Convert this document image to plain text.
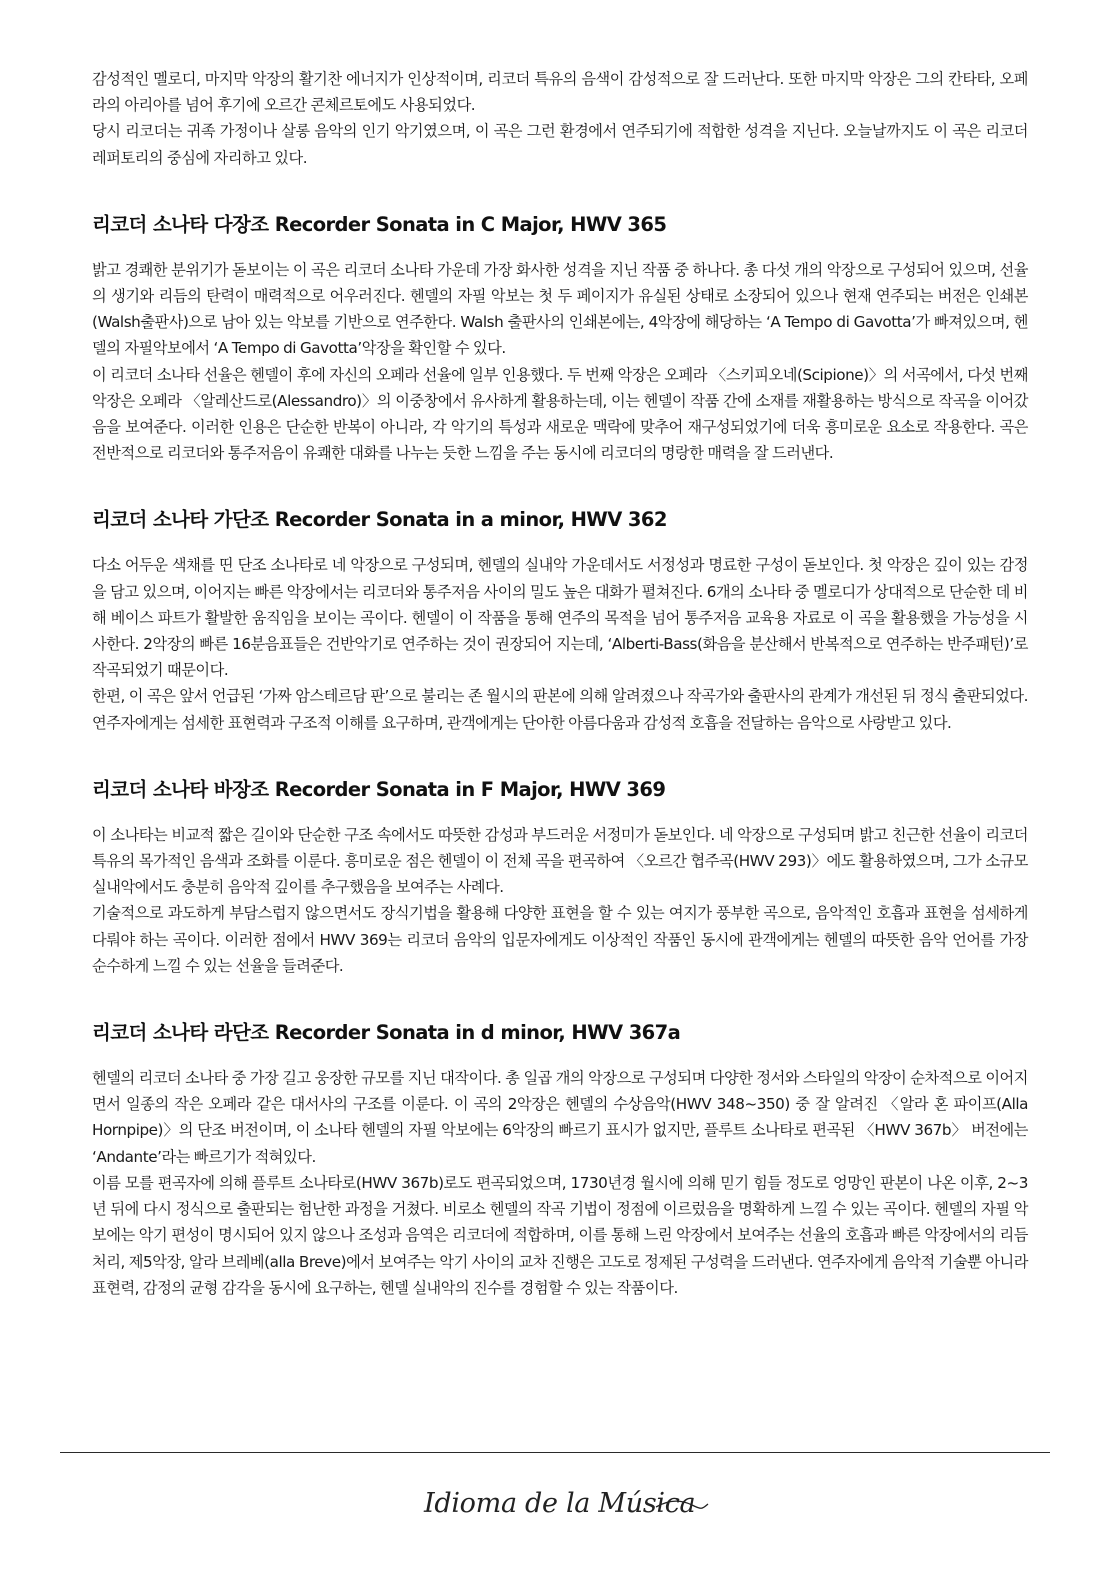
감성적인 멜로디, 마지막 악장의 활기찬 에너지가 인상적이며, 리코더 특유의 음색이 감성적으로 잘 드러난다. 또한 마지막 악장은 그의 칸타타, 오페라의 아리아를 넘어 후기에 오르간 콘체르토에도 사용되었다.

당시 리코더는 귀족 가정이나 살롱 음악의 인기 악기였으며, 이 곡은 그런 환경에서 연주되기에 적합한 성격을 지닌다. 오늘날까지도 이 곡은 리코더 레퍼토리의 중심에 자리하고 있다.

리코더 소나타 다장조 Recorder Sonata in C Major, HWV 365

밝고 경쾌한 분위기가 돋보이는 이 곡은 리코더 소나타 가운데 가장 화사한 성격을 지닌 작품 중 하나다. 총 다섯 개의 악장으로 구성되어 있으며, 선율의 생기와 리듬의 탄력이 매력적으로 어우러진다. 헨델의 자필 악보는 첫 두 페이지가 유실된 상태로 소장되어 있으나 현재 연주되는 버전은 인쇄본(Walsh출판사)으로 남아 있는 악보를 기반으로 연주한다. Walsh 출판사의 인쇄본에는, 4악장에 해당하는 ‘A Tempo di Gavotta’가 빠져있으며, 헨델의 자필악보에서 ‘A Tempo di Gavotta’악장을 확인할 수 있다.

이 리코더 소나타 선율은 헨델이 후에 자신의 오페라 선율에 일부 인용했다. 두 번째 악장은 오페라 〈스키피오네(Scipione)〉의 서곡에서, 다섯 번째 악장은 오페라 〈알레산드로(Alessandro)〉의 이중창에서 유사하게 활용하는데, 이는 헨델이 작품 간에 소재를 재활용하는 방식으로 작곡을 이어갔음을 보여준다. 이러한 인용은 단순한 반복이 아니라, 각 악기의 특성과 새로운 맥락에 맞추어 재구성되었기에 더욱 흥미로운 요소로 작용한다. 곡은 전반적으로 리코더와 통주저음이 유쾌한 대화를 나누는 듯한 느낌을 주는 동시에 리코더의 명랑한 매력을 잘 드러낸다.

리코더 소나타 가단조 Recorder Sonata in a minor, HWV 362

다소 어두운 색채를 띤 단조 소나타로 네 악장으로 구성되며, 헨델의 실내악 가운데서도 서정성과 명료한 구성이 돋보인다. 첫 악장은 깊이 있는 감정을 담고 있으며, 이어지는 빠른 악장에서는 리코더와 통주저음 사이의 밀도 높은 대화가 펼쳐진다. 6개의 소나타 중 멜로디가 상대적으로 단순한 데 비해 베이스 파트가 활발한 움직임을 보이는 곡이다. 헨델이 이 작품을 통해 연주의 목적을 넘어 통주저음 교육용 자료로 이 곡을 활용했을 가능성을 시사한다. 2악장의 빠른 16분음표들은 건반악기로 연주하는 것이 권장되어 지는데, ‘Alberti-Bass(화음을 분산해서 반복적으로 연주하는 반주패턴)’로 작곡되었기 때문이다.

한편, 이 곡은 앞서 언급된 ‘가짜 암스테르담 판’으로 불리는 존 월시의 판본에 의해 알려졌으나 작곡가와 출판사의 관계가 개선된 뒤 정식 출판되었다. 연주자에게는 섬세한 표현력과 구조적 이해를 요구하며, 관객에게는 단아한 아름다움과 감성적 호흡을 전달하는 음악으로 사랑받고 있다.

리코더 소나타 바장조 Recorder Sonata in F Major, HWV 369

이 소나타는 비교적 짧은 길이와 단순한 구조 속에서도 따뜻한 감성과 부드러운 서정미가 돋보인다. 네 악장으로 구성되며 밝고 친근한 선율이 리코더 특유의 목가적인 음색과 조화를 이룬다. 흥미로운 점은 헨델이 이 전체 곡을 편곡하여 〈오르간 협주곡(HWV 293)〉에도 활용하였으며, 그가 소규모 실내악에서도 충분히 음악적 깊이를 추구했음을 보여주는 사례다.

기술적으로 과도하게 부담스럽지 않으면서도 장식기법을 활용해 다양한 표현을 할 수 있는 여지가 풍부한 곡으로, 음악적인 호흡과 표현을 섬세하게 다뤄야 하는 곡이다. 이러한 점에서 HWV 369는 리코더 음악의 입문자에게도 이상적인 작품인 동시에 관객에게는 헨델의 따뜻한 음악 언어를 가장 순수하게 느낄 수 있는 선율을 들려준다.

리코더 소나타 라단조 Recorder Sonata in d minor, HWV 367a

헨델의 리코더 소나타 중 가장 길고 웅장한 규모를 지닌 대작이다. 총 일곱 개의 악장으로 구성되며 다양한 정서와 스타일의 악장이 순차적으로 이어지면서 일종의 작은 오페라 같은 대서사의 구조를 이룬다. 이 곡의 2악장은 헨델의 수상음악(HWV 348~350) 중 잘 알려진 〈알라 혼 파이프(Alla Hornpipe)〉의 단조 버전이며, 이 소나타 헨델의 자필 악보에는 6악장의 빠르기 표시가 없지만, 플루트 소나타로 편곡된 〈HWV 367b〉 버전에는 ‘Andante’라는 빠르기가 적혀있다.

이름 모를 편곡자에 의해 플루트 소나타로(HWV 367b)로도 편곡되었으며, 1730년경 월시에 의해 믿기 힘들 정도로 엉망인 판본이 나온 이후, 2~3년 뒤에 다시 정식으로 출판되는 험난한 과정을 거쳤다. 비로소 헨델의 작곡 기법이 정점에 이르렀음을 명확하게 느낄 수 있는 곡이다. 헨델의 자필 악보에는 악기 편성이 명시되어 있지 않으나 조성과 음역은 리코더에 적합하며, 이를 통해 느린 악장에서 보여주는 선율의 호흡과 빠른 악장에서의 리듬 처리, 제5악장, 알라 브레베(alla Breve)에서 보여주는 악기 사이의 교차 진행은 고도로 정제된 구성력을 드러낸다. 연주자에게 음악적 기술뿐 아니라 표현력, 감정의 균형 감각을 동시에 요구하는, 헨델 실내악의 진수를 경험할 수 있는 작품이다.

Idioma de la Música
